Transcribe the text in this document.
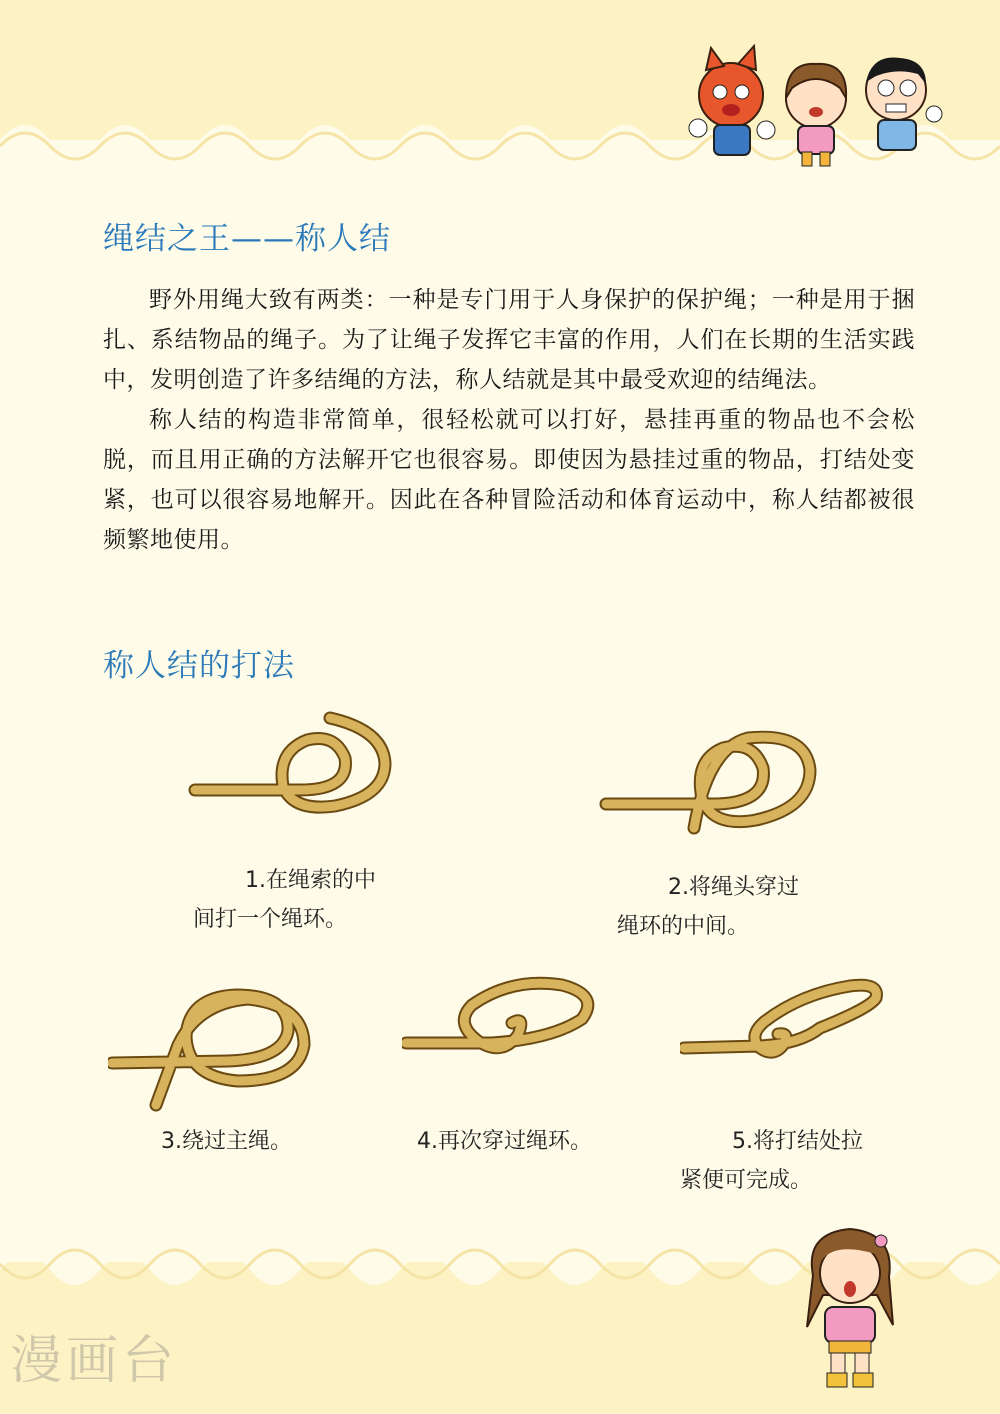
绳结之王——称人结

野外用绳大致有两类：一种是专门用于人身保护的保护绳；一种是用于捆扎、系结物品的绳子。为了让绳子发挥它丰富的作用，人们在长期的生活实践中，发明创造了许多结绳的方法，称人结就是其中最受欢迎的结绳法。

称人结的构造非常简单，很轻松就可以打好，悬挂再重的物品也不会松脱，而且用正确的方法解开它也很容易。即使因为悬挂过重的物品，打结处变紧，也可以很容易地解开。因此在各种冒险活动和体育运动中，称人结都被很频繁地使用。

称人结的打法
1.在绳索的中
间打一个绳环。
2.将绳头穿过
绳环的中间。
3.绕过主绳。	4.再次穿过绳环。	5.将打结处拉
紧便可完成。
漫画台
